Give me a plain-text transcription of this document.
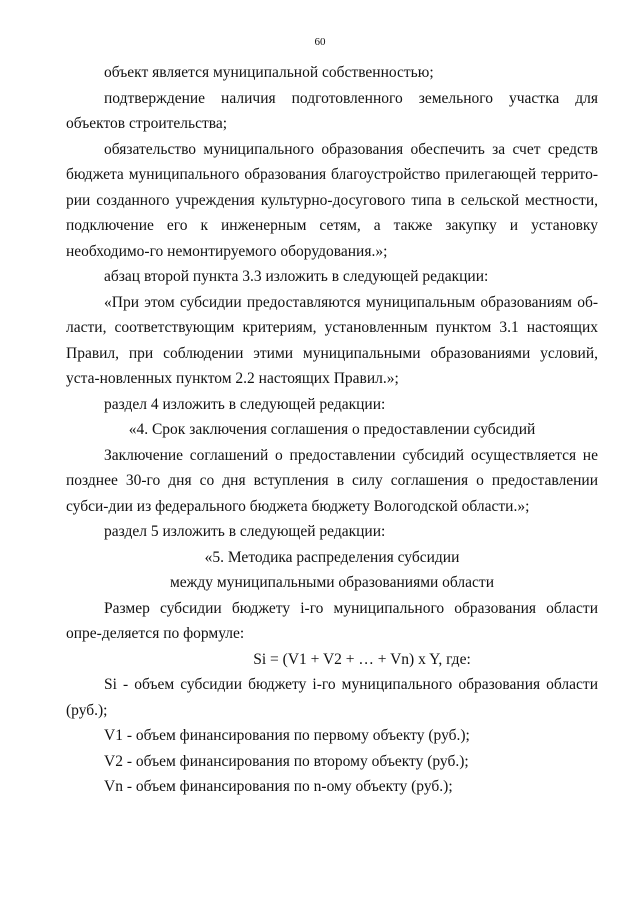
60

объект является муниципальной собственностью;

подтверждение наличия подготовленного земельного участка для объектов строительства;

обязательство муниципального образования обеспечить за счет средств бюджета муниципального образования благоустройство прилегающей террито-рии созданного учреждения культурно-досугового типа в сельской местности, подключение его к инженерным сетям, а также закупку и установку необходимо-го немонтируемого оборудования.»;

абзац второй пункта 3.3 изложить в следующей редакции:

«При этом субсидии предоставляются муниципальным образованиям об-ласти, соответствующим критериям, установленным пунктом 3.1 настоящих Правил, при соблюдении этими муниципальными образованиями условий, уста-новленных пунктом 2.2 настоящих Правил.»;

раздел 4 изложить в следующей редакции:

«4. Срок заключения соглашения о предоставлении субсидий

Заключение соглашений о предоставлении субсидий осуществляется не позднее 30-го дня со дня вступления в силу соглашения о предоставлении субси-дии из федерального бюджета бюджету Вологодской области.»;

раздел 5 изложить в следующей редакции:

«5. Методика распределения субсидии

между муниципальными образованиями области

Размер субсидии бюджету i-го муниципального образования области опре-деляется по формуле:

Si = (V1 + V2 + … + Vn) x Y, где:

Si - объем субсидии бюджету i-го муниципального образования области (руб.);

V1 - объем финансирования по первому объекту (руб.);

V2 - объем финансирования по второму объекту (руб.);

Vn - объем финансирования по n-ому объекту (руб.);
